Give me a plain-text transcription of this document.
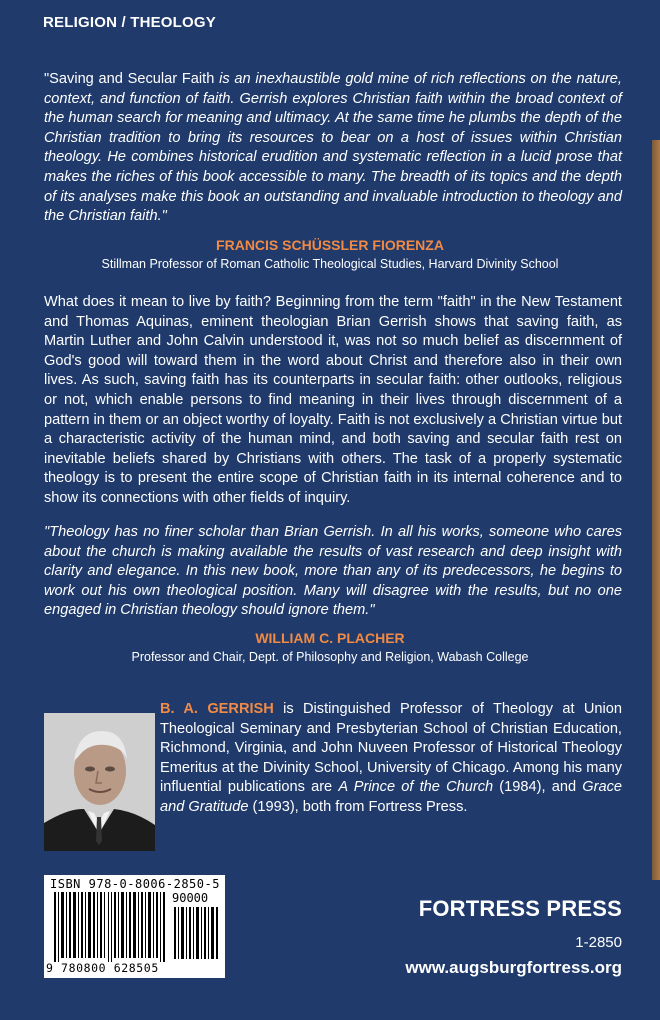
RELIGION / THEOLOGY
"Saving and Secular Faith is an inexhaustible gold mine of rich reflections on the nature, context, and function of faith. Gerrish explores Christian faith within the broad context of the human search for meaning and ultimacy. At the same time he plumbs the depth of the Christian tradition to bring its resources to bear on a host of issues within Christian theology. He combines historical erudition and systematic reflection in a lucid prose that makes the riches of this book accessible to many. The breadth of its topics and the depth of its analyses make this book an outstanding and invaluable introduction to theology and the Christian faith."
FRANCIS SCHÜSSLER FIORENZA
Stillman Professor of Roman Catholic Theological Studies, Harvard Divinity School
What does it mean to live by faith? Beginning from the term "faith" in the New Testament and Thomas Aquinas, eminent theologian Brian Gerrish shows that saving faith, as Martin Luther and John Calvin understood it, was not so much belief as discernment of God's good will toward them in the word about Christ and therefore also in their own lives. As such, saving faith has its counterparts in secular faith: other outlooks, religious or not, which enable persons to find meaning in their lives through discernment of a pattern in them or an object worthy of loyalty. Faith is not exclusively a Christian virtue but a characteristic activity of the human mind, and both saving and secular faith rest on inevitable beliefs shared by Christians with others. The task of a properly systematic theology is to present the entire scope of Christian faith in its internal coherence and to show its connections with other fields of inquiry.
"Theology has no finer scholar than Brian Gerrish. In all his works, someone who cares about the church is making available the results of vast research and deep insight with clarity and elegance. In this new book, more than any of its predecessors, he begins to work out his own theological position. Many will disagree with the results, but no one engaged in Christian theology should ignore them."
WILLIAM C. PLACHER
Professor and Chair, Dept. of Philosophy and Religion, Wabash College
B. A. GERRISH is Distinguished Professor of Theology at Union Theological Seminary and Presbyterian School of Christian Education, Richmond, Virginia, and John Nuveen Professor of Historical Theology Emeritus at the Divinity School, University of Chicago. Among his many influential publications are A Prince of the Church (1984), and Grace and Gratitude (1993), both from Fortress Press.
ISBN 978-0-8006-2850-5
90000
9 780800 628505
FORTRESS PRESS
1-2850
www.augsburgfortress.org
